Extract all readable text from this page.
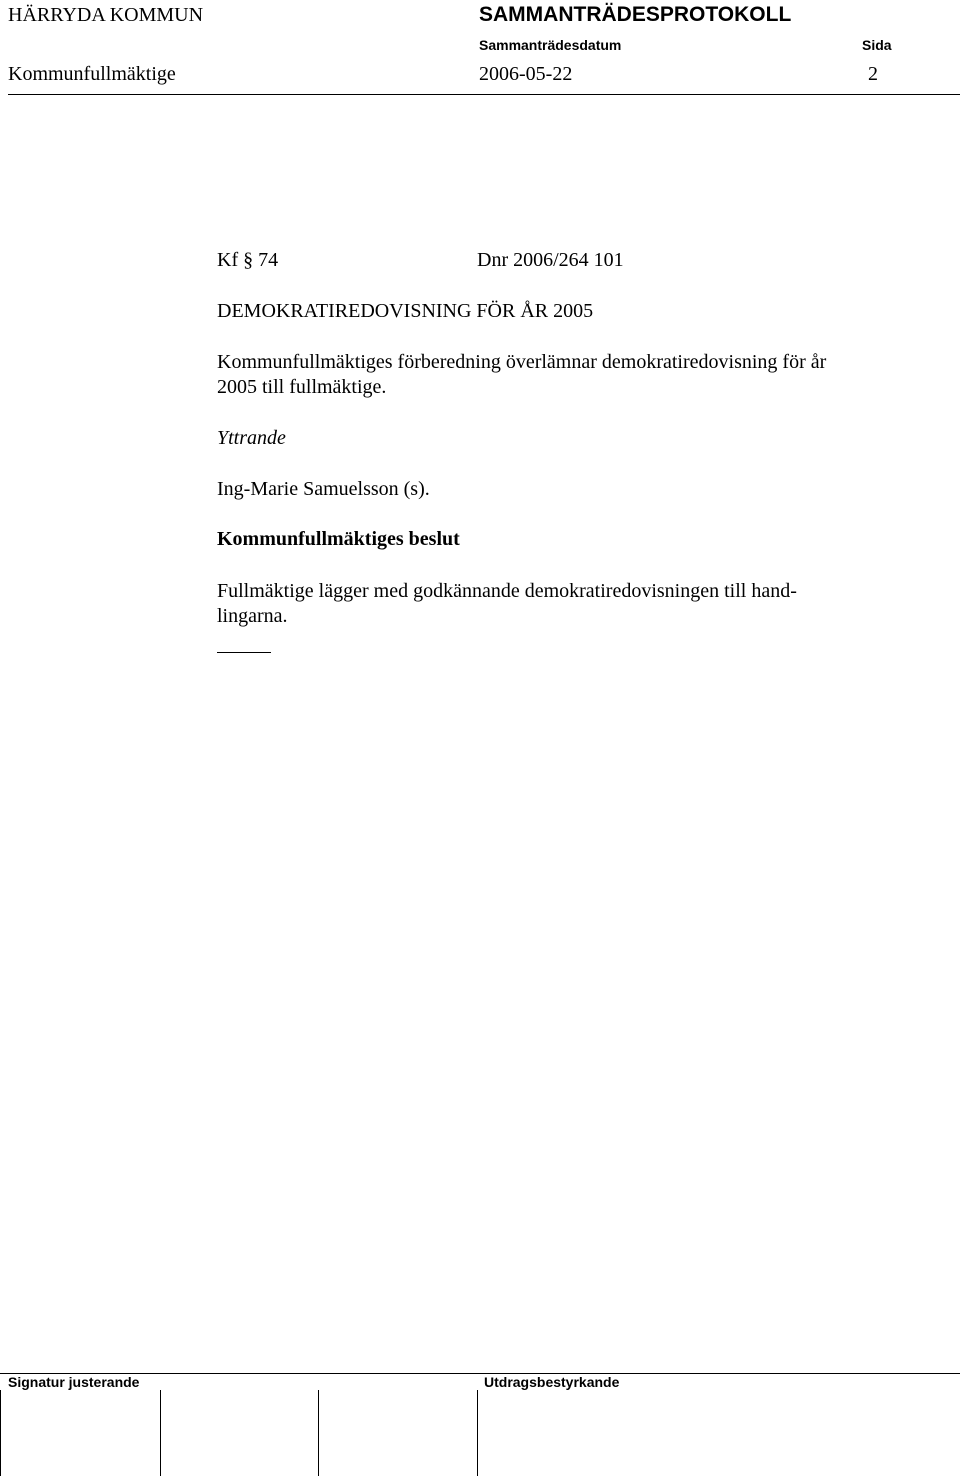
HÄRRYDA KOMMUN	SAMMANTRÄDESPROTOKOLL
Sammanträdesdatum	Sida
Kommunfullmäktige	2006-05-22	2
Kf § 74	Dnr 2006/264 101
DEMOKRATIREDOVISNING FÖR ÅR 2005
Kommunfullmäktiges förberedning överlämnar demokratiredovisning för år
2005 till fullmäktige.
Yttrande
Ing-Marie Samuelsson (s).
Kommunfullmäktiges beslut
Fullmäktige lägger med godkännande demokratiredovisningen till hand-
lingarna.
Signatur justerande	Utdragsbestyrkande
